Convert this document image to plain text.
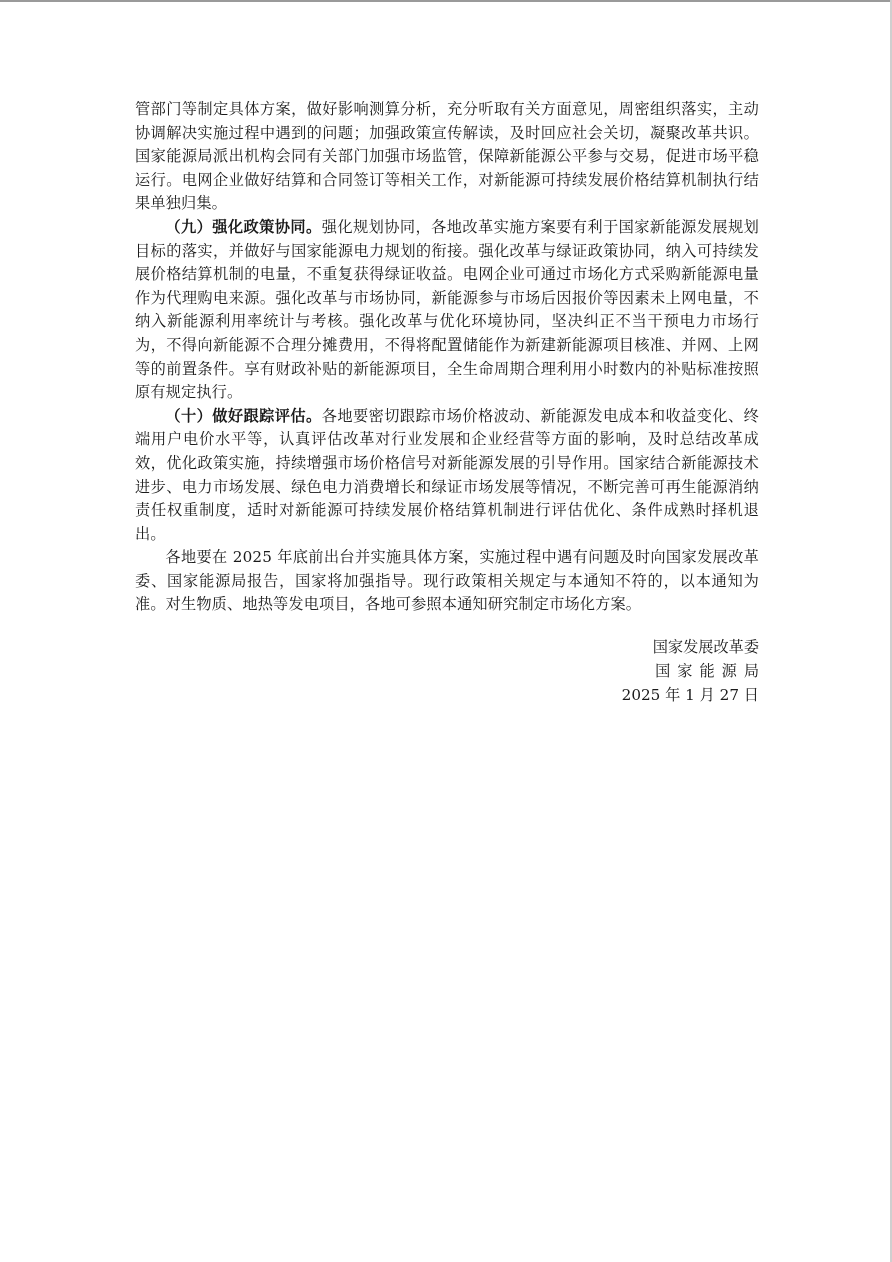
管部门等制定具体方案，做好影响测算分析，充分听取有关方面意见，周密组织落实，主动协调解决实施过程中遇到的问题；加强政策宣传解读，及时回应社会关切，凝聚改革共识。国家能源局派出机构会同有关部门加强市场监管，保障新能源公平参与交易，促进市场平稳运行。电网企业做好结算和合同签订等相关工作，对新能源可持续发展价格结算机制执行结果单独归集。

（九）强化政策协同。强化规划协同，各地改革实施方案要有利于国家新能源发展规划目标的落实，并做好与国家能源电力规划的衔接。强化改革与绿证政策协同，纳入可持续发展价格结算机制的电量，不重复获得绿证收益。电网企业可通过市场化方式采购新能源电量作为代理购电来源。强化改革与市场协同，新能源参与市场后因报价等因素未上网电量，不纳入新能源利用率统计与考核。强化改革与优化环境协同，坚决纠正不当干预电力市场行为，不得向新能源不合理分摊费用，不得将配置储能作为新建新能源项目核准、并网、上网等的前置条件。享有财政补贴的新能源项目，全生命周期合理利用小时数内的补贴标准按照原有规定执行。

（十）做好跟踪评估。各地要密切跟踪市场价格波动、新能源发电成本和收益变化、终端用户电价水平等，认真评估改革对行业发展和企业经营等方面的影响，及时总结改革成效，优化政策实施，持续增强市场价格信号对新能源发展的引导作用。国家结合新能源技术进步、电力市场发展、绿色电力消费增长和绿证市场发展等情况，不断完善可再生能源消纳责任权重制度，适时对新能源可持续发展价格结算机制进行评估优化、条件成熟时择机退出。

各地要在 2025 年底前出台并实施具体方案，实施过程中遇有问题及时向国家发展改革委、国家能源局报告，国家将加强指导。现行政策相关规定与本通知不符的，以本通知为准。对生物质、地热等发电项目，各地可参照本通知研究制定市场化方案。

国家发展改革委
国家能源局
2025 年 1 月 27 日
